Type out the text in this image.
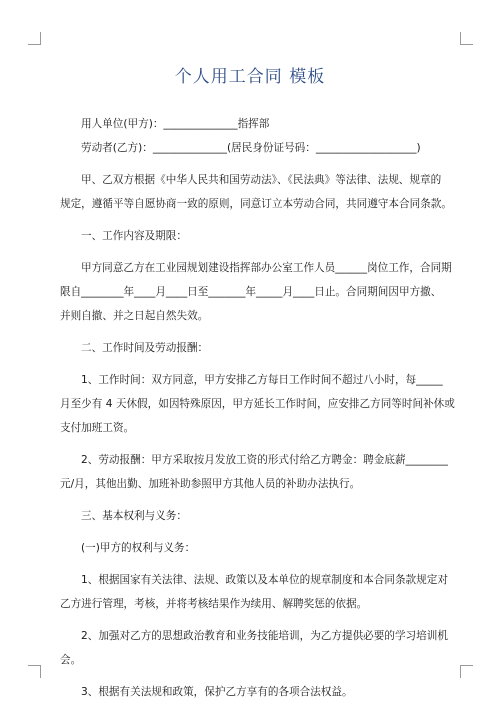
个人用工合同 模板
用人单位(甲方)：______________指挥部
劳动者(乙方)：______________(居民身份证号码：___________________)
甲、乙双方根据《中华人民共和国劳动法》、《民法典》等法律、法规、规章的
规定，遵循平等自愿协商一致的原则，同意订立本劳动合同，共同遵守本合同条款。
一、工作内容及期限：
甲方同意乙方在工业园规划建设指挥部办公室工作人员______岗位工作，合同期
限自________年____月____日至_______年_____月____日止。合同期间因甲方撤、
并则自撤、并之日起自然失效。
二、工作时间及劳动报酬：
1、工作时间：双方同意，甲方安排乙方每日工作时间不超过八小时，每_____
月至少有 4 天休假，如因特殊原因，甲方延长工作时间，应安排乙方同等时间补休或
支付加班工资。
2、劳动报酬：甲方采取按月发放工资的形式付给乙方聘金：聘金底薪________
元/月，其他出勤、加班补助参照甲方其他人员的补助办法执行。
三、基本权利与义务：
(一)甲方的权利与义务：
1、根据国家有关法律、法规、政策以及本单位的规章制度和本合同条款规定对
乙方进行管理，考核，并将考核结果作为续用、解聘奖惩的依据。
2、加强对乙方的思想政治教育和业务技能培训，为乙方提供必要的学习培训机
会。
3、根据有关法规和政策，保护乙方享有的各项合法权益。
